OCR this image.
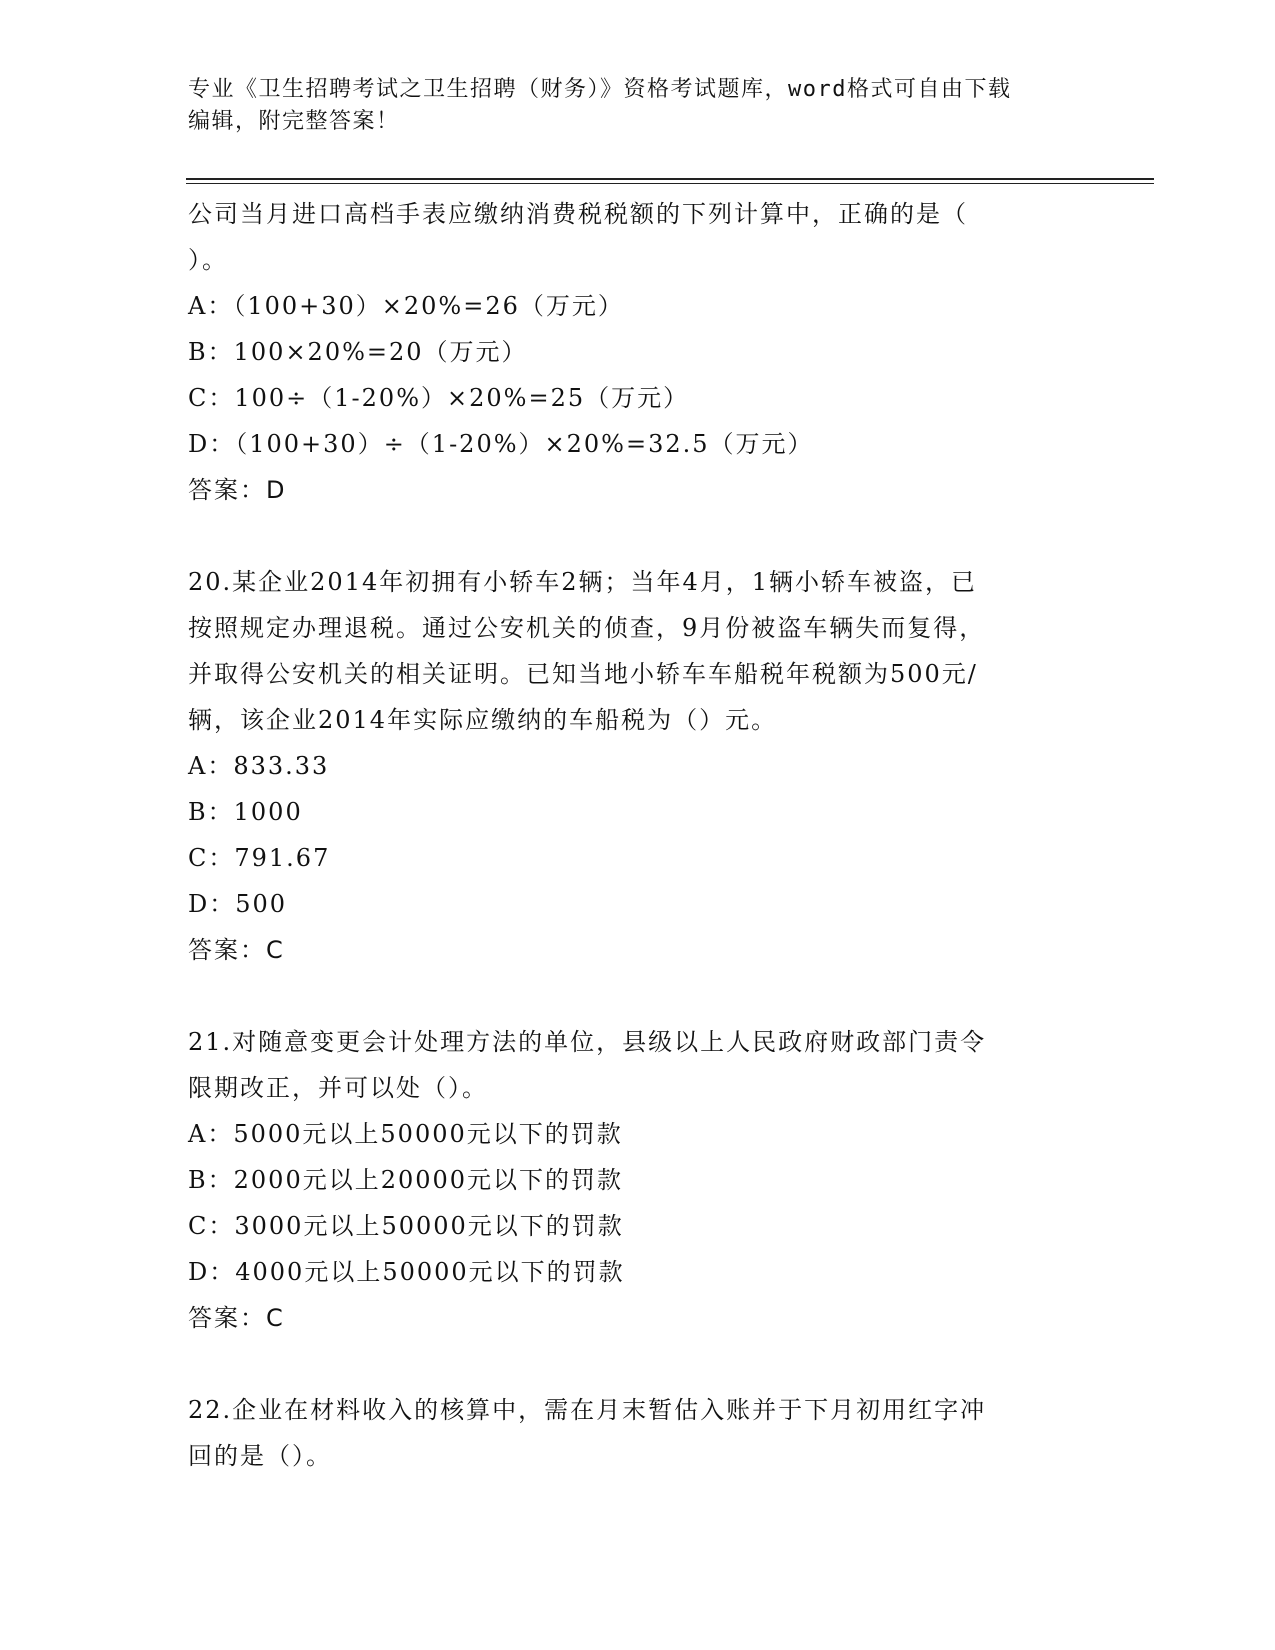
专业《卫生招聘考试之卫生招聘（财务）》资格考试题库，word格式可自由下载
编辑，附完整答案！
公司当月进口高档手表应缴纳消费税税额的下列计算中，正确的是（
）。
A：（100+30）×20%=26（万元）
B：100×20%=20（万元）
C：100÷（1-20%）×20%=25（万元）
D：（100+30）÷（1-20%）×20%=32.5（万元）
答案：D
20.某企业2014年初拥有小轿车2辆；当年4月，1辆小轿车被盗，已
按照规定办理退税。通过公安机关的侦查，9月份被盗车辆失而复得，
并取得公安机关的相关证明。已知当地小轿车车船税年税额为500元/
辆，该企业2014年实际应缴纳的车船税为（）元。
A：833.33
B：1000
C：791.67
D：500
答案：C
21.对随意变更会计处理方法的单位，县级以上人民政府财政部门责令
限期改正，并可以处（）。
A：5000元以上50000元以下的罚款
B：2000元以上20000元以下的罚款
C：3000元以上50000元以下的罚款
D：4000元以上50000元以下的罚款
答案：C
22.企业在材料收入的核算中，需在月末暂估入账并于下月初用红字冲
回的是（）。
